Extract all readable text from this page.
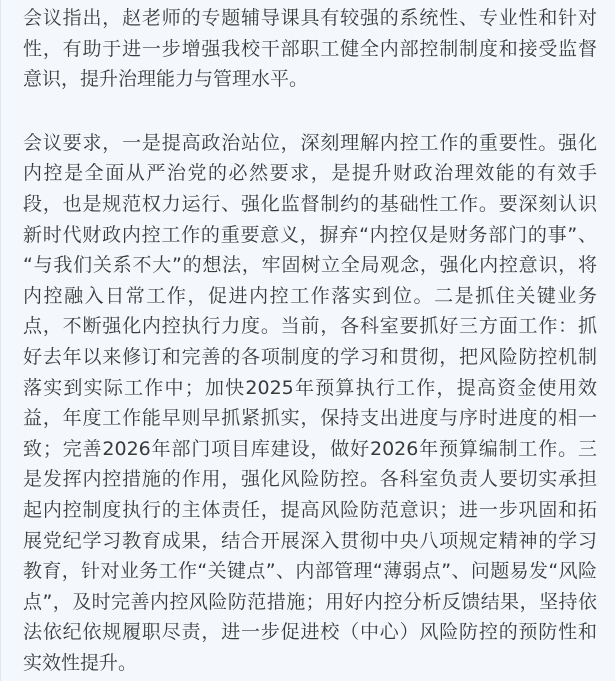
会议指出，赵老师的专题辅导课具有较强的系统性、专业性和针对
性，有助于进一步增强我校干部职工健全内部控制制度和接受监督
意识，提升治理能力与管理水平。
会议要求，一是提高政治站位，深刻理解内控工作的重要性。强化
内控是全面从严治党的必然要求，是提升财政治理效能的有效手
段，也是规范权力运行、强化监督制约的基础性工作。要深刻认识
新时代财政内控工作的重要意义，摒弃“内控仅是财务部门的事”、
“与我们关系不大”的想法，牢固树立全局观念，强化内控意识，将
内控融入日常工作，促进内控工作落实到位。二是抓住关键业务
点，不断强化内控执行力度。当前，各科室要抓好三方面工作：抓
好去年以来修订和完善的各项制度的学习和贯彻，把风险防控机制
落实到实际工作中；加快2025年预算执行工作，提高资金使用效
益，年度工作能早则早抓紧抓实，保持支出进度与序时进度的相一
致；完善2026年部门项目库建设，做好2026年预算编制工作。三
是发挥内控措施的作用，强化风险防控。各科室负责人要切实承担
起内控制度执行的主体责任，提高风险防范意识；进一步巩固和拓
展党纪学习教育成果，结合开展深入贯彻中央八项规定精神的学习
教育，针对业务工作“关键点”、内部管理“薄弱点”、问题易发“风险
点”，及时完善内控风险防范措施；用好内控分析反馈结果，坚持依
法依纪依规履职尽责，进一步促进校（中心）风险防控的预防性和
实效性提升。
